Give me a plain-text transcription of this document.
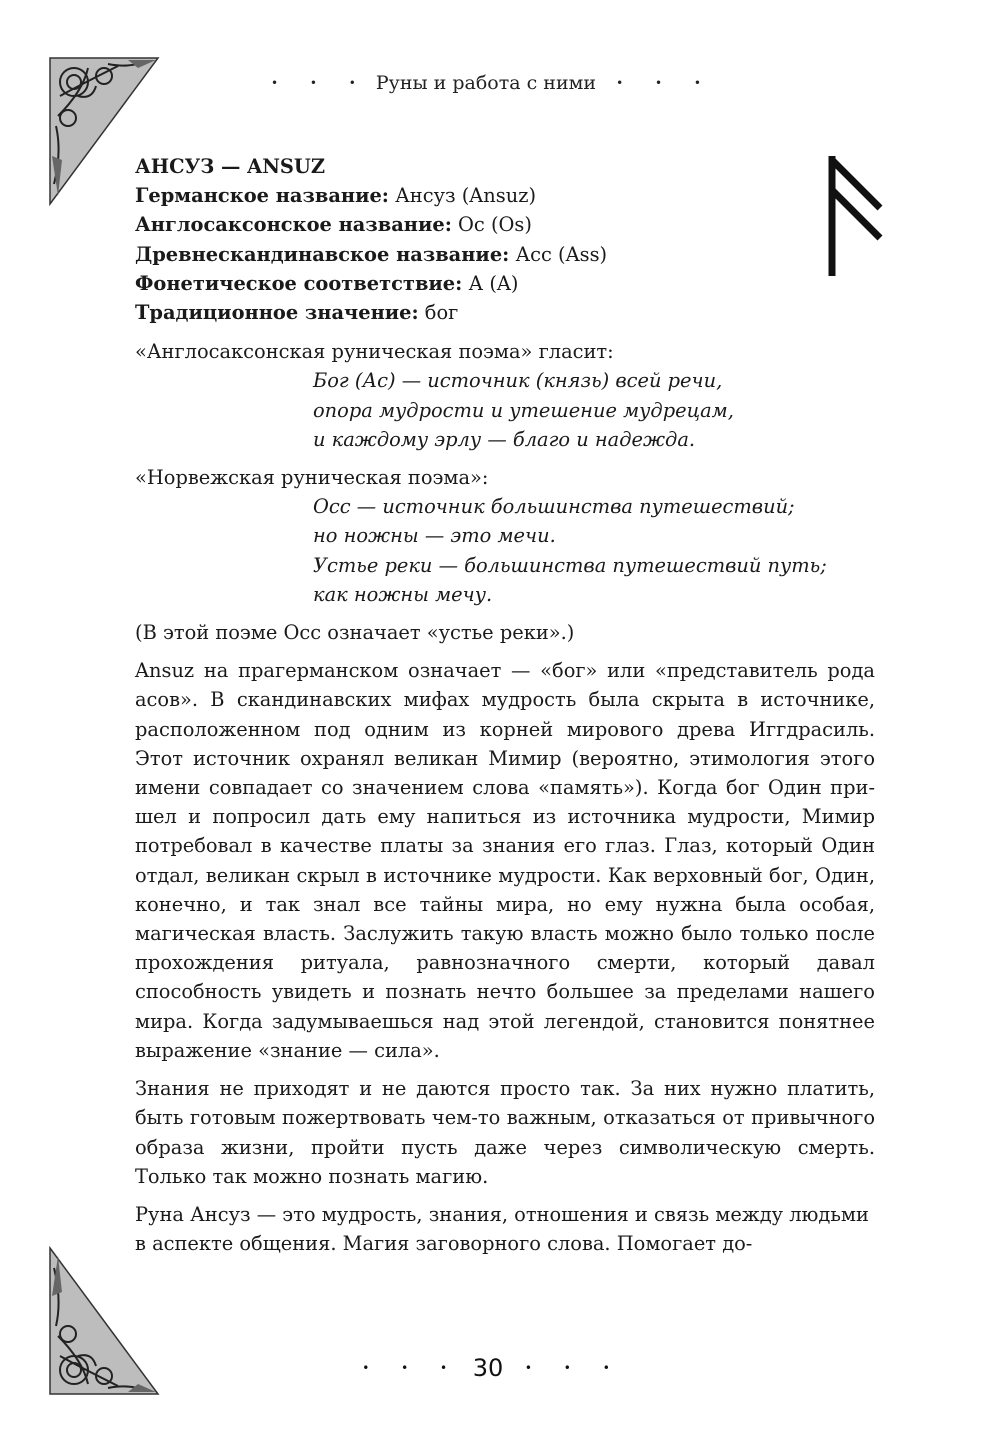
• • • Руны и работа с ними • • •
АНСУЗ — ANSUZ
Германское название: Ансуз (Ansuz)
Англосаксонское название: Ос (Os)
Древнескандинавское название: Асс (Ass)
Фонетическое соответствие: А (A)
Традиционное значение: бог

«Англосаксонская руническая поэма» гласит:

Бог (Ас) — источник (князь) всей речи,
опора мудрости и утешение мудрецам,
и каждому эрлу — благо и надежда.

«Норвежская руническая поэма»:

Осс — источник большинства путешествий;
но ножны — это мечи.
Устье реки — большинства путешествий путь;
как ножны мечу.

(В этой поэме Осс означает «устье реки».)

Ansuz на прагерманском означает — «бог» или «представитель рода асов». В скандинавских мифах мудрость была скрыта в источнике, расположенном под одним из корней мирового древа Иггдрасиль. Этот источник охранял великан Мимир (вероятно, этимология этого имени совпадает со значением слова «память»). Когда бог Один пришел и попросил дать ему напиться из источника мудрости, Мимир потребовал в качестве платы за знания его глаз. Глаз, который Один отдал, великан скрыл в источнике мудрости. Как верховный бог, Один, конечно, и так знал все тайны мира, но ему нужна была особая, магическая власть. Заслужить такую власть можно было только после прохождения ритуала, равнозначного смерти, который давал способность увидеть и познать нечто большее за пределами нашего мира. Когда задумываешься над этой легендой, становится понятнее выражение «знание — сила».

Знания не приходят и не даются просто так. За них нужно платить, быть готовым пожертвовать чем-то важным, отказаться от привычного образа жизни, пройти пусть даже через символическую смерть. Только так можно познать магию.

Руна Ансуз — это мудрость, знания, отношения и связь между людьми в аспекте общения. Магия заговорного слова. Помогает до-

• • • 30 • • •
